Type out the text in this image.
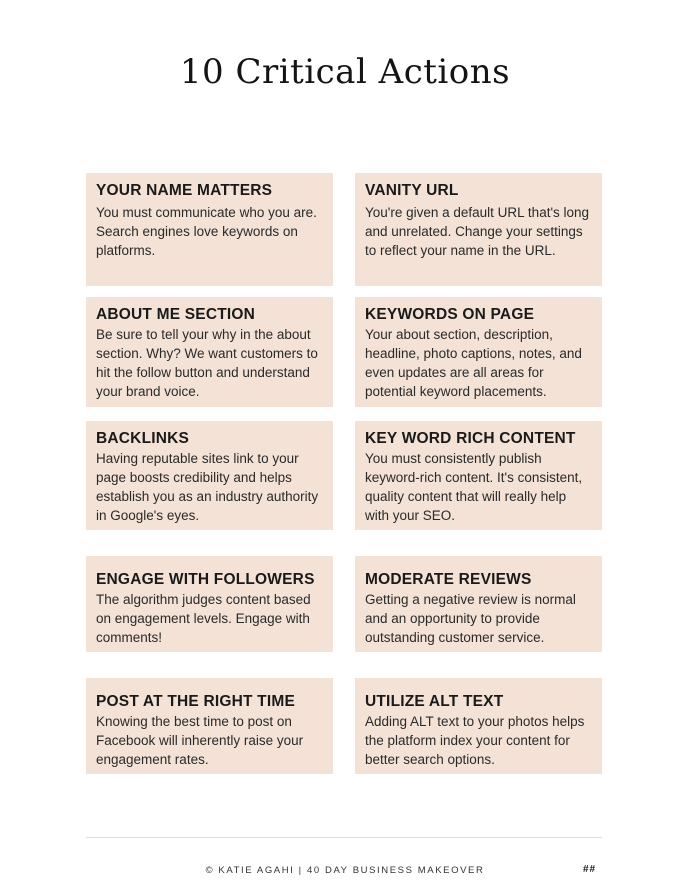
10 Critical Actions
YOUR NAME MATTERS
You must communicate who you are. Search engines love keywords on platforms.
VANITY URL
You're given a default URL that's long and unrelated. Change your settings to reflect your name in the URL.
ABOUT ME SECTION
Be sure to tell your why in the about section. Why? We want customers to hit the follow button and understand your brand voice.
KEYWORDS ON PAGE
Your about section, description, headline, photo captions, notes, and even updates are all areas for potential keyword placements.
BACKLINKS
Having reputable sites link to your page boosts credibility and helps establish you as an industry authority in Google's eyes.
KEY WORD RICH CONTENT
You must consistently publish keyword-rich content. It's consistent, quality content that will really help with your SEO.
ENGAGE WITH FOLLOWERS
The algorithm judges content based on engagement levels. Engage with comments!
MODERATE REVIEWS
Getting a negative review is normal and an opportunity to provide outstanding customer service.
POST AT THE RIGHT TIME
Knowing the best time to post on Facebook will inherently raise your engagement rates.
UTILIZE ALT TEXT
Adding ALT text to your photos helps the platform index your content for better search options.
© KATIE AGAHI | 40 DAY BUSINESS MAKEOVER	##
